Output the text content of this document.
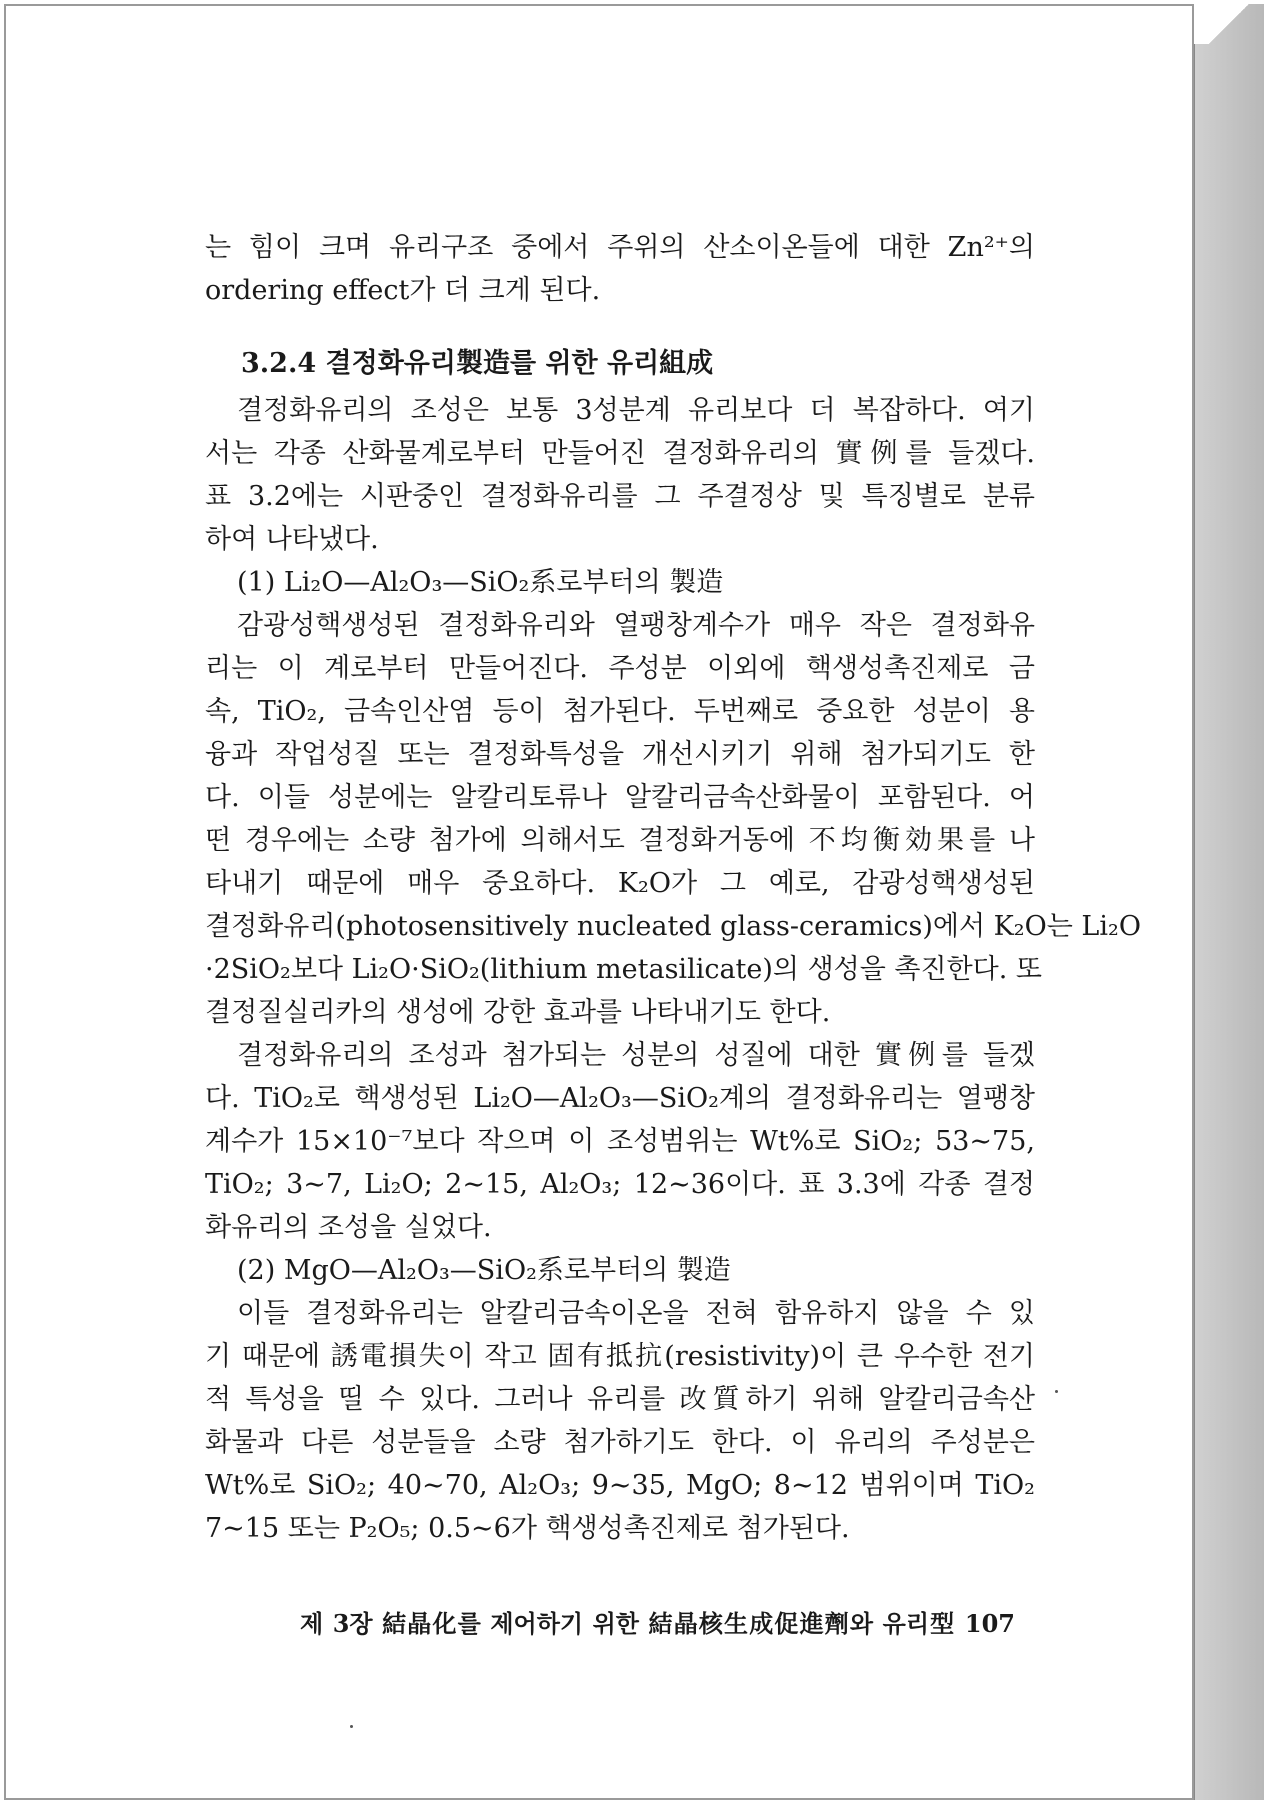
는 힘이 크며 유리구조 중에서 주위의 산소이온들에 대한 Zn²⁺의
ordering effect가 더 크게 된다.
3.2.4 결정화유리製造를 위한 유리組成
결정화유리의 조성은 보통 3성분계 유리보다 더 복잡하다. 여기
서는 각종 산화물계로부터 만들어진 결정화유리의 實例를 들겠다.
표 3.2에는 시판중인 결정화유리를 그 주결정상 및 특징별로 분류
하여 나타냈다.
(1) Li₂O—Al₂O₃—SiO₂系로부터의 製造
감광성핵생성된 결정화유리와 열팽창계수가 매우 작은 결정화유
리는 이 계로부터 만들어진다. 주성분 이외에 핵생성촉진제로 금
속, TiO₂, 금속인산염 등이 첨가된다. 두번째로 중요한 성분이 용
융과 작업성질 또는 결정화특성을 개선시키기 위해 첨가되기도 한
다. 이들 성분에는 알칼리토류나 알칼리금속산화물이 포함된다. 어
떤 경우에는 소량 첨가에 의해서도 결정화거동에 不均衡効果를 나
타내기 때문에 매우 중요하다. K₂O가 그 예로, 감광성핵생성된
결정화유리(photosensitively nucleated glass-ceramics)에서 K₂O는 Li₂O
·2SiO₂보다 Li₂O·SiO₂(lithium metasilicate)의 생성을 촉진한다. 또
결정질실리카의 생성에 강한 효과를 나타내기도 한다.
결정화유리의 조성과 첨가되는 성분의 성질에 대한 實例를 들겠
다. TiO₂로 핵생성된 Li₂O—Al₂O₃—SiO₂계의 결정화유리는 열팽창
계수가 15×10⁻⁷보다 작으며 이 조성범위는 Wt%로 SiO₂; 53∼75,
TiO₂; 3∼7, Li₂O; 2∼15, Al₂O₃; 12∼36이다. 표 3.3에 각종 결정
화유리의 조성을 실었다.
(2) MgO—Al₂O₃—SiO₂系로부터의 製造
이들 결정화유리는 알칼리금속이온을 전혀 함유하지 않을 수 있
기 때문에 誘電損失이 작고 固有抵抗(resistivity)이 큰 우수한 전기
적 특성을 띨 수 있다. 그러나 유리를 改質하기 위해 알칼리금속산
화물과 다른 성분들을 소량 첨가하기도 한다. 이 유리의 주성분은
Wt%로 SiO₂; 40∼70, Al₂O₃; 9∼35, MgO; 8∼12 범위이며 TiO₂
7∼15 또는 P₂O₅; 0.5∼6가 핵생성촉진제로 첨가된다.
제 3장 結晶化를 제어하기 위한 結晶核生成促進劑와 유리型 107
